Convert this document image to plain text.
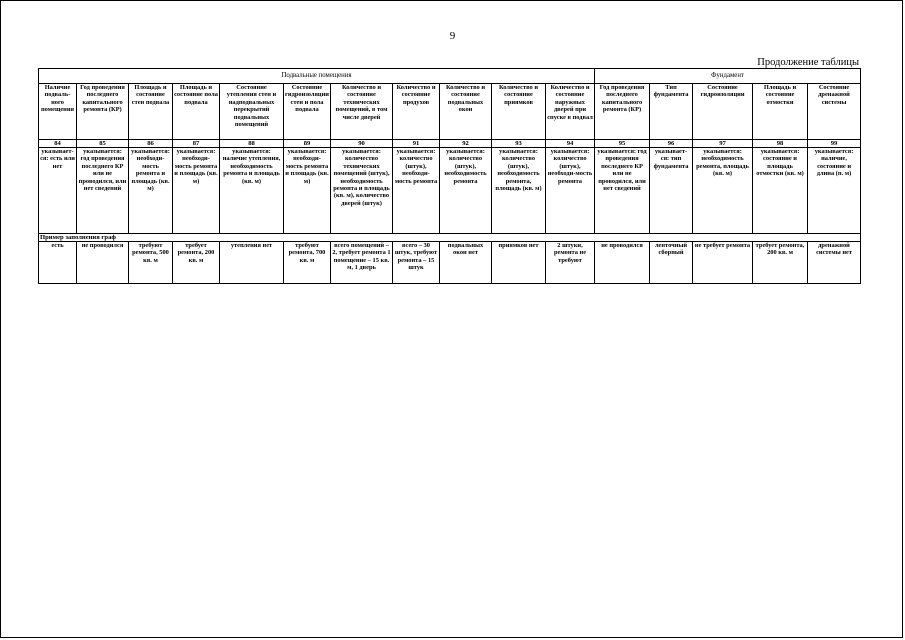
9
Продолжение таблицы
Подвальные помещения											Фундамент				
Наличие подваль-ного помещения	Год проведения последнего капитального ремонта (КР)	Площадь и состояние стен подвала	Площадь и состояние пола подвала	Состояние утепления стен и надподвальных перекрытий подвальных помещений	Состояние гидроизоляции стен и пола подвала	Количество и состояние технических помещений, в том числе дверей	Количество и состояние продухов	Количество и состояние подвальных окон	Количество и состояние приямков	Количество и состояние наружных дверей при спуске в подвал	Год проведения последнего капитального ремонта (КР)	Тип фундамента	Состояние гидроизоляции	Площадь и состояние отмостки	Состояние дренажной системы
84	85	86	87	88	89	90	91	92	93	94	95	96	97	98	99
указывает-ся: есть или нет	указывается: год проведения последнего КР или не проводился, или нет сведений	указывается: необходи-мость ремонта и площадь (кв. м)	указывается: необходи-мость ремонта и площадь (кв. м)	указывается: наличие утепления, необходимость ремонта и площадь (кв. м)	указывается: необходи-мость ремонта и площадь (кв. м)	указывается: количество технических помещений (штук), необходимость ремонта и площадь (кв. м), количество дверей (штук)	указывается: количество (штук), необходи-мость ремонта	указывается: количество (штук), необходимость ремонта	указывается: количество (штук), необходимость ремонта, площадь (кв. м)	указывается: количество (штук), необходи-мость ремонта	указывается: год проведения последнего КР или не проводился, или нет сведений	указывает-ся: тип фундамента	указывается: необходимость ремонта, площадь (кв. м)	указывается: состояние и площадь отмостки (кв. м)	указывается: наличие, состояние и длина (п. м)
Пример заполнения граф															
есть	не проводился	требуют ремонта, 500 кв. м	требует ремонта, 200 кв. м	утепления нет	требуют ремонта, 700 кв. м	всего помещений – 2, требует ремонта 1 помещение – 15 кв. м, 1 дверь	всего – 30 штук, требуют ремонта – 15 штук	подвальных окон нет	приямков нет	2 штуки, ремонта не требуют	не проводился	ленточный сборный	не требует ремонта	требует ремонта, 200 кв. м	дренажной системы нет
